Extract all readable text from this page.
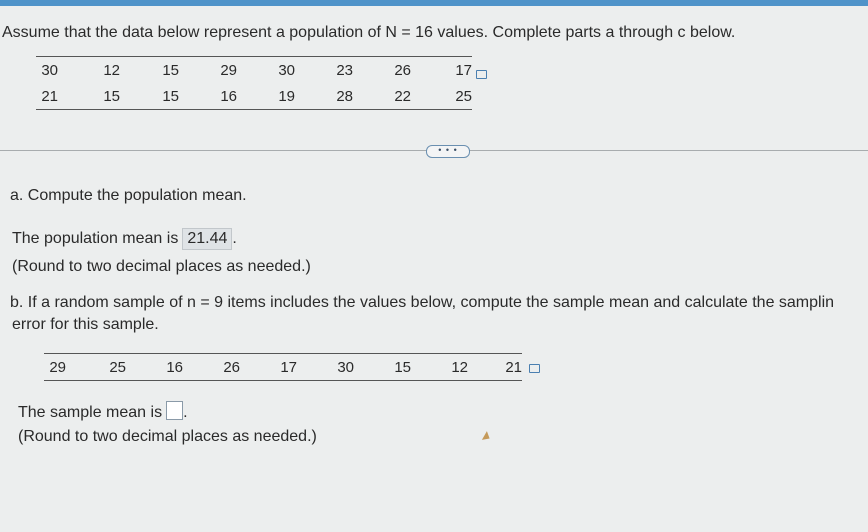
Assume that the data below represent a population of N = 16 values. Complete parts a through c below.
30	12	15	29	30	23	26	17
21	15	15	16	19	28	22	25
• • •
a. Compute the population mean.
The population mean is 21.44 .
(Round to two decimal places as needed.)
b. If a random sample of n = 9 items includes the values below, compute the sample mean and calculate the samplin
error for this sample.
29	25	16	26	17	30	15	12	21
The sample mean is .
(Round to two decimal places as needed.)
